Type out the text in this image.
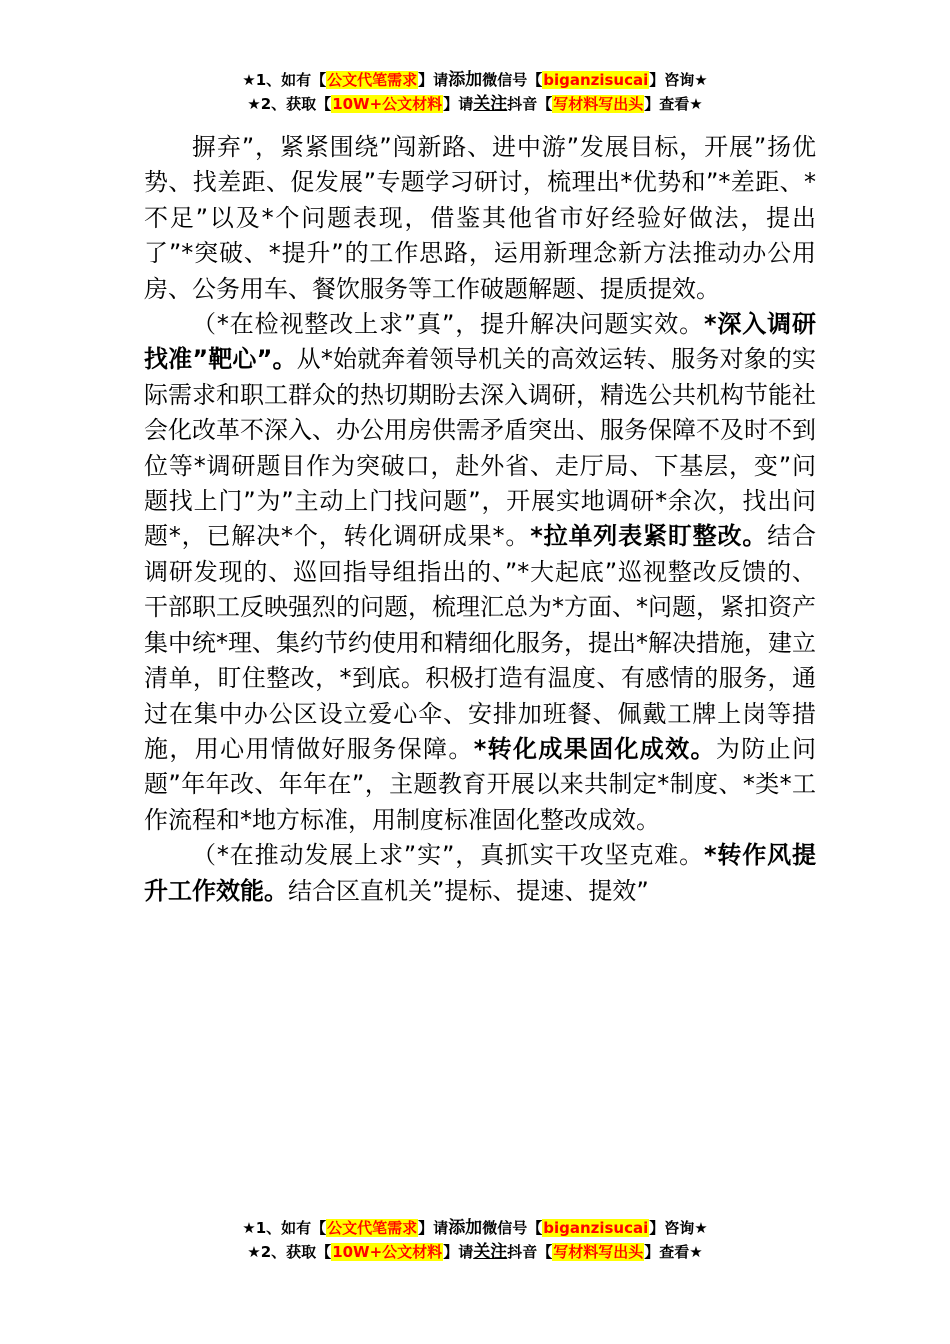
★1、如有【公文代笔需求】请添加微信号【biganzisucai】咨询★
★2、获取【10W+公文材料】请关注抖音【写材料写出头】查看★

摒弃”，紧紧围绕”闯新路、进中游”发展目标，开展”扬优势、找差距、促发展”专题学习研讨，梳理出*优势和”*差距、*不足”以及*个问题表现，借鉴其他省市好经验好做法，提出了”*突破、*提升”的工作思路，运用新理念新方法推动办公用房、公务用车、餐饮服务等工作破题解题、提质提效。

（*在检视整改上求”真”，提升解决问题实效。*深入调研找准”靶心”。从*始就奔着领导机关的高效运转、服务对象的实际需求和职工群众的热切期盼去深入调研，精选公共机构节能社会化改革不深入、办公用房供需矛盾突出、服务保障不及时不到位等*调研题目作为突破口，赴外省、走厅局、下基层，变”问题找上门”为”主动上门找问题”，开展实地调研*余次，找出问题*，已解决*个，转化调研成果*。*拉单列表紧盯整改。结合调研发现的、巡回指导组指出的、”*大起底”巡视整改反馈的、干部职工反映强烈的问题，梳理汇总为*方面、*问题，紧扣资产集中统*理、集约节约使用和精细化服务，提出*解决措施，建立清单，盯住整改，*到底。积极打造有温度、有感情的服务，通过在集中办公区设立爱心伞、安排加班餐、佩戴工牌上岗等措施，用心用情做好服务保障。*转化成果固化成效。为防止问题”年年改、年年在”，主题教育开展以来共制定*制度、*类*工作流程和*地方标准，用制度标准固化整改成效。

（*在推动发展上求”实”，真抓实干攻坚克难。*转作风提升工作效能。结合区直机关”提标、提速、提效”

★1、如有【公文代笔需求】请添加微信号【biganzisucai】咨询★
★2、获取【10W+公文材料】请关注抖音【写材料写出头】查看★
